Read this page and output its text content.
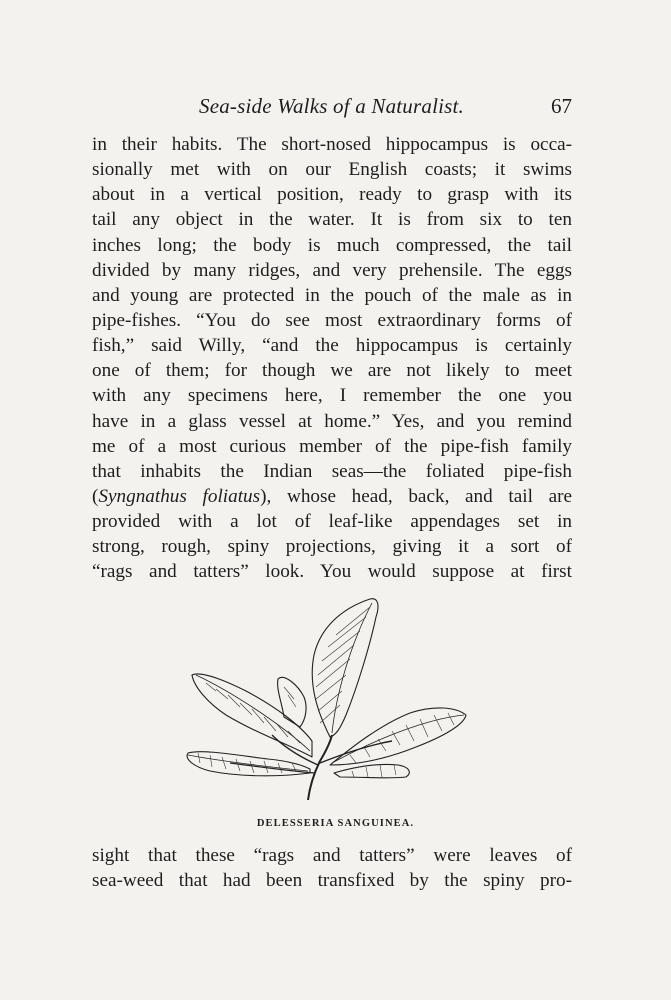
Sea-side Walks of a Naturalist.	67
in their habits. The short-nosed hippocampus is occa-
sionally met with on our English coasts; it swims
about in a vertical position, ready to grasp with its
tail any object in the water. It is from six to ten
inches long; the body is much compressed, the tail
divided by many ridges, and very prehensile. The eggs
and young are protected in the pouch of the male as in
pipe-fishes. “You do see most extraordinary forms of
fish,” said Willy, “and the hippocampus is certainly
one of them; for though we are not likely to meet
with any specimens here, I remember the one you
have in a glass vessel at home.” Yes, and you remind
me of a most curious member of the pipe-fish family
that inhabits the Indian seas—the foliated pipe-fish
(Syngnathus foliatus), whose head, back, and tail are
provided with a lot of leaf-like appendages set in
strong, rough, spiny projections, giving it a sort of
“rags and tatters” look. You would suppose at first
DELESSERIA SANGUINEA.
sight that these “rags and tatters” were leaves of
sea-weed that had been transfixed by the spiny pro-
